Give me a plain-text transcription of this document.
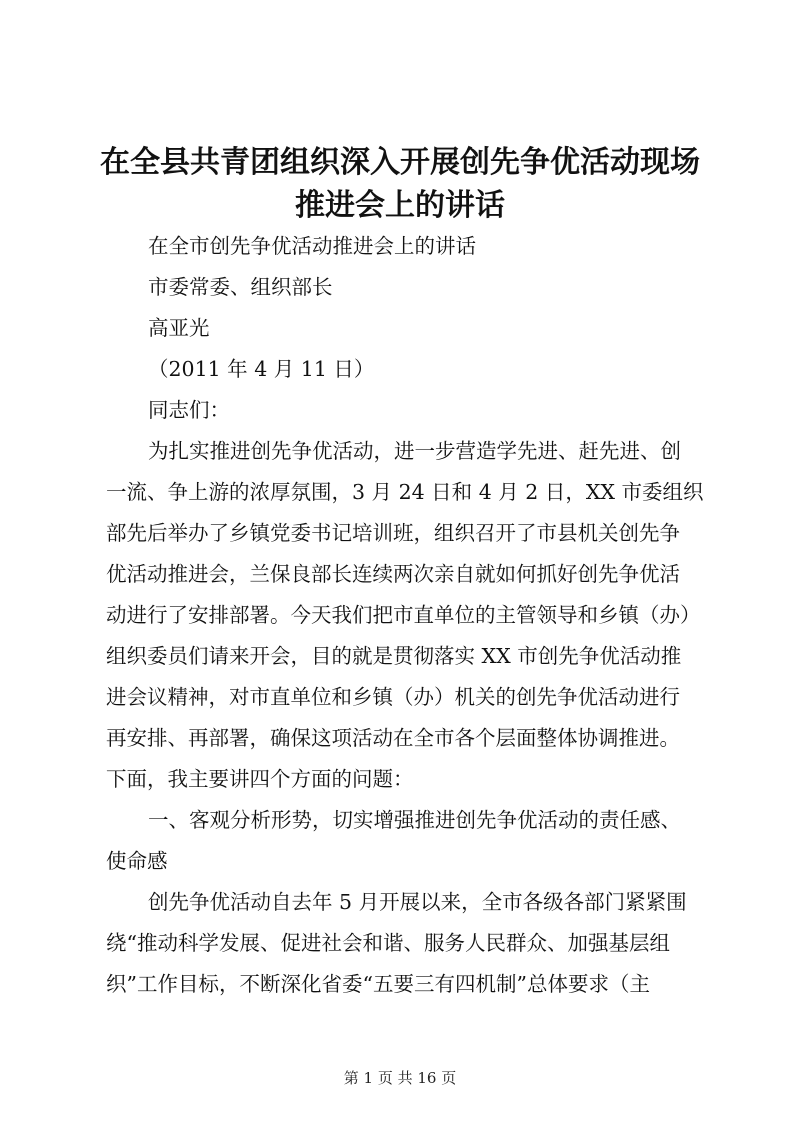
在全县共青团组织深入开展创先争优活动现场
推进会上的讲话
在全市创先争优活动推进会上的讲话
市委常委、组织部长
高亚光
（2011 年 4 月 11 日）
同志们：
为扎实推进创先争优活动，进一步营造学先进、赶先进、创
一流、争上游的浓厚氛围，3 月 24 日和 4 月 2 日，XX 市委组织
部先后举办了乡镇党委书记培训班，组织召开了市县机关创先争
优活动推进会，兰保良部长连续两次亲自就如何抓好创先争优活
动进行了安排部署。今天我们把市直单位的主管领导和乡镇（办）
组织委员们请来开会，目的就是贯彻落实 XX 市创先争优活动推
进会议精神，对市直单位和乡镇（办）机关的创先争优活动进行
再安排、再部署，确保这项活动在全市各个层面整体协调推进。
下面，我主要讲四个方面的问题：
一、客观分析形势，切实增强推进创先争优活动的责任感、
使命感
创先争优活动自去年 5 月开展以来，全市各级各部门紧紧围
绕“推动科学发展、促进社会和谐、服务人民群众、加强基层组
织”工作目标，不断深化省委“五要三有四机制”总体要求（主
第 1 页 共 16 页
